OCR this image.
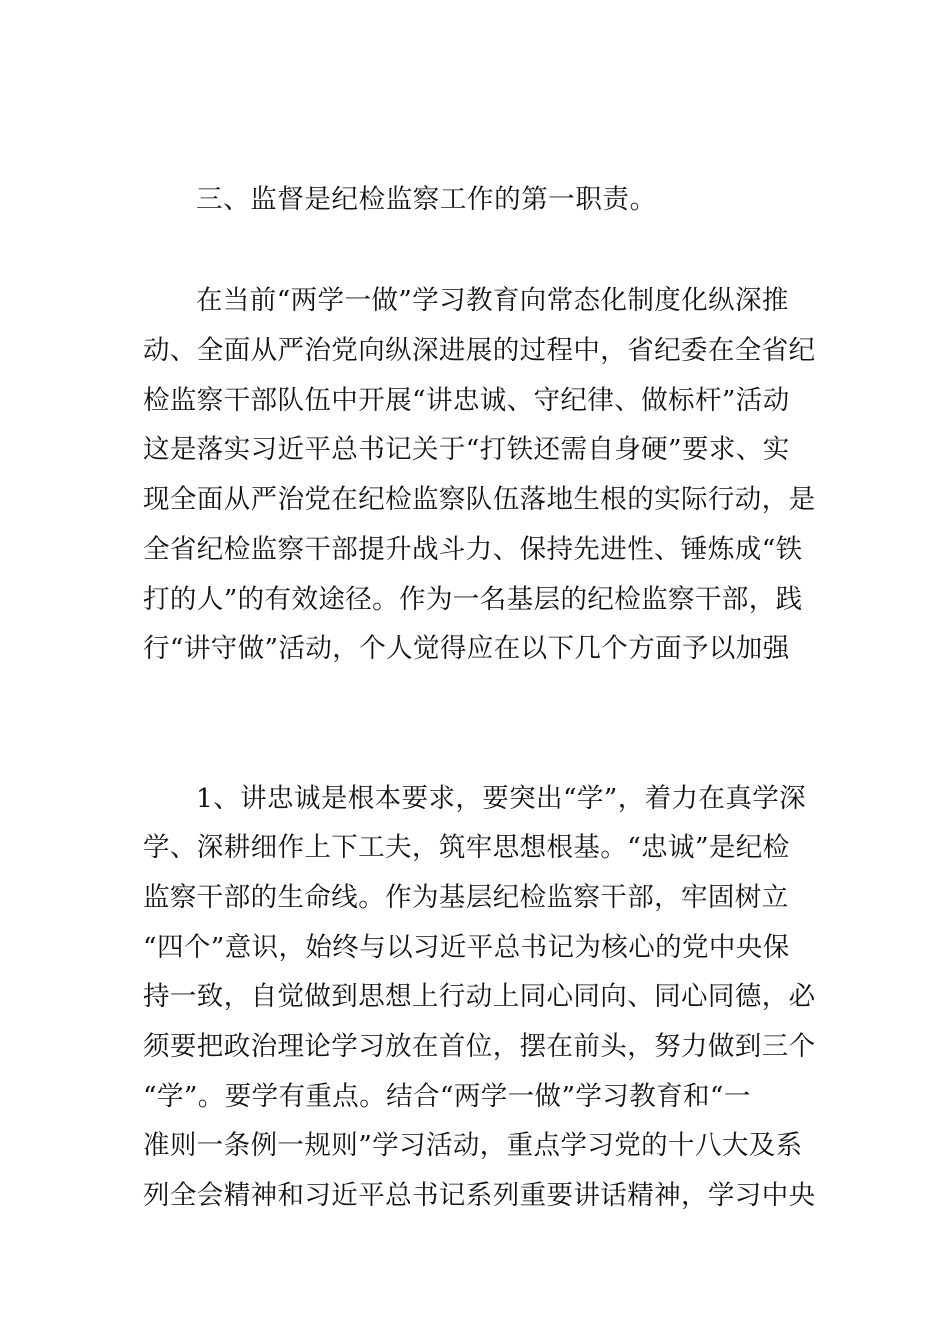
三、监督是纪检监察工作的第一职责。
在当前“两学一做”学习教育向常态化制度化纵深推
动、全面从严治党向纵深进展的过程中，省纪委在全省纪
检监察干部队伍中开展“讲忠诚、守纪律、做标杆”活动
这是落实习近平总书记关于“打铁还需自身硬”要求、实
现全面从严治党在纪检监察队伍落地生根的实际行动，是
全省纪检监察干部提升战斗力、保持先进性、锤炼成“铁
打的人”的有效途径。作为一名基层的纪检监察干部，践
行“讲守做”活动，个人觉得应在以下几个方面予以加强
1、讲忠诚是根本要求，要突出“学”，着力在真学深
学、深耕细作上下工夫，筑牢思想根基。“忠诚”是纪检
监察干部的生命线。作为基层纪检监察干部，牢固树立
“四个”意识，始终与以习近平总书记为核心的党中央保
持一致，自觉做到思想上行动上同心同向、同心同德，必
须要把政治理论学习放在首位，摆在前头，努力做到三个
“学”。要学有重点。结合“两学一做”学习教育和“一
准则一条例一规则”学习活动，重点学习党的十八大及系
列全会精神和习近平总书记系列重要讲话精神，学习中央
